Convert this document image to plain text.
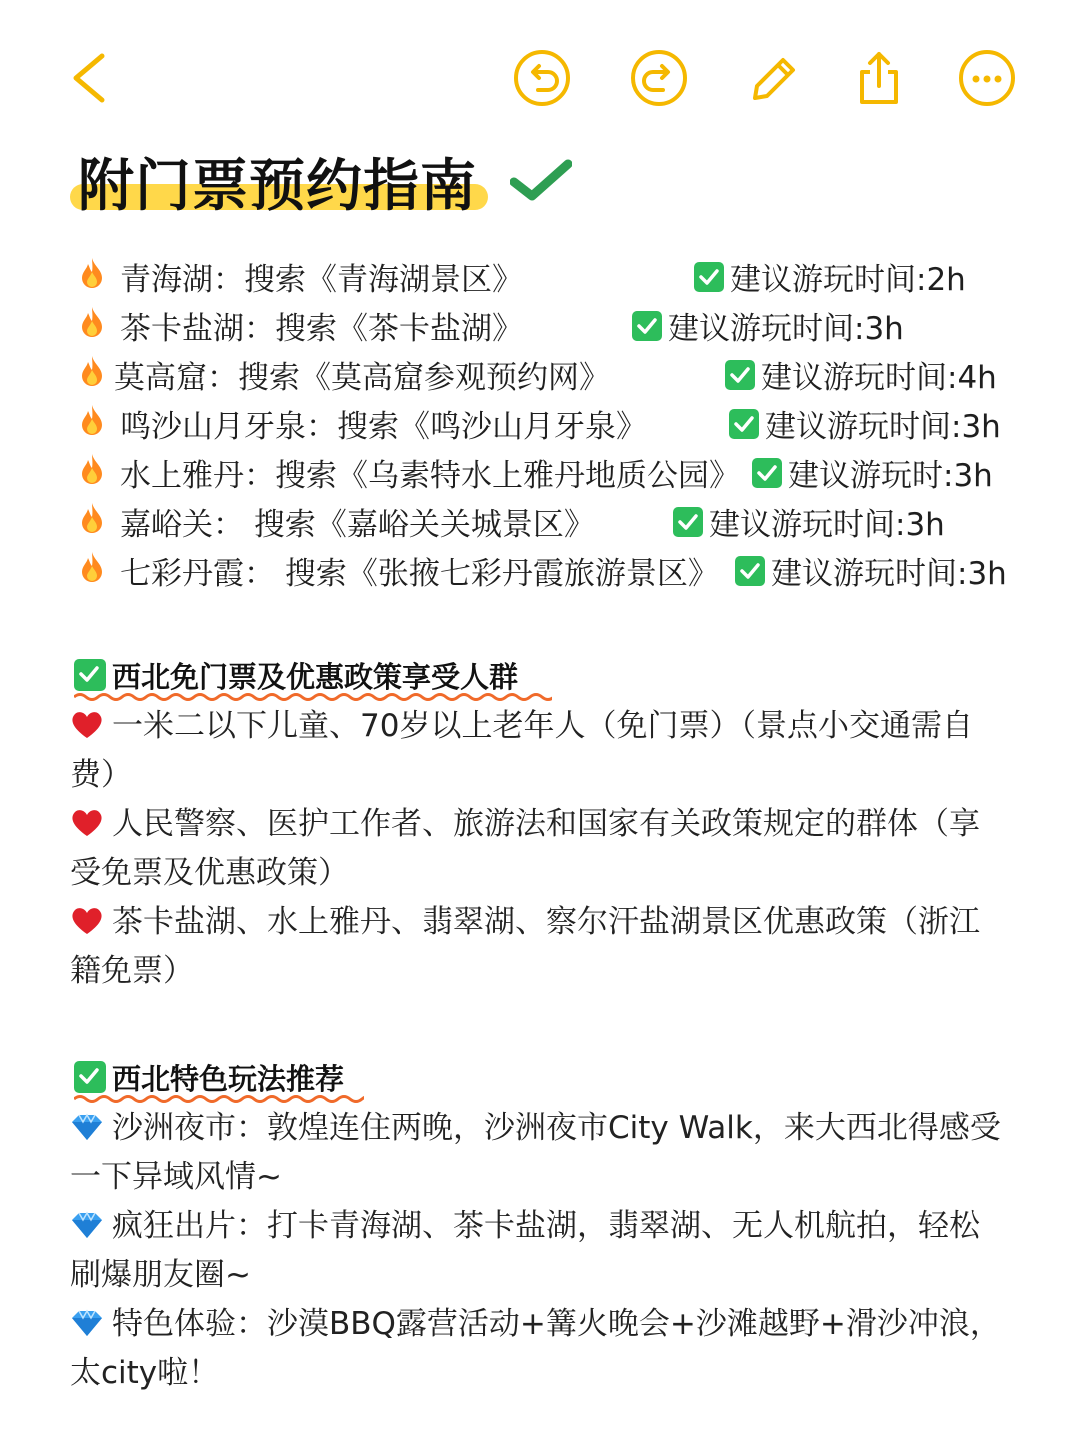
附门票预约指南
青海湖：搜索《青海湖景区》	建议游玩时间:2h
茶卡盐湖：搜索《茶卡盐湖》	建议游玩时间:3h
莫高窟：搜索《莫高窟参观预约网》	建议游玩时间:4h
鸣沙山月牙泉：搜索《鸣沙山月牙泉》	建议游玩时间:3h
水上雅丹：搜索《乌素特水上雅丹地质公园》 建议游玩时:3h
嘉峪关： 搜索《嘉峪关关城景区》	建议游玩时间:3h
七彩丹霞： 搜索《张掖七彩丹霞旅游景区》 建议游玩时间:3h
西北免门票及优惠政策享受人群
一米二以下儿童、70岁以上老年人（免门票）（景点小交通需自费）
人民警察、医护工作者、旅游法和国家有关政策规定的群体（享受免票及优惠政策）
茶卡盐湖、水上雅丹、翡翠湖、察尔汗盐湖景区优惠政策（浙江籍免票）
西北特色玩法推荐
沙洲夜市：敦煌连住两晚，沙洲夜市City Walk，来大西北得感受一下异域风情~
疯狂出片：打卡青海湖、茶卡盐湖，翡翠湖、无人机航拍，轻松刷爆朋友圈~
特色体验：沙漠BBQ露营活动+篝火晚会+沙滩越野+滑沙冲浪，太city啦！
